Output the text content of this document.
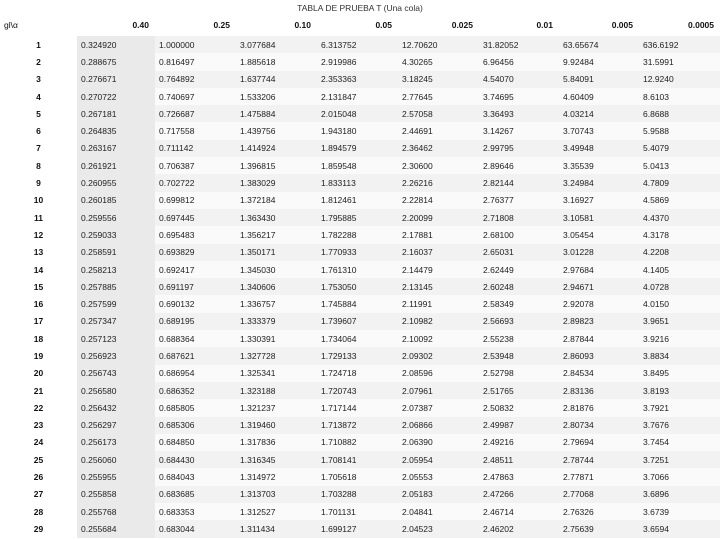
TABLA DE PRUEBA T (Una cola)
gl\α	0.40	0.25	0.10	0.05	0.025	0.01	0.005	0.0005
1	0.324920	1.000000	3.077684	6.313752	12.70620	31.82052	63.65674	636.6192
2	0.288675	0.816497	1.885618	2.919986	4.30265	6.96456	9.92484	31.5991
3	0.276671	0.764892	1.637744	2.353363	3.18245	4.54070	5.84091	12.9240
4	0.270722	0.740697	1.533206	2.131847	2.77645	3.74695	4.60409	8.6103
5	0.267181	0.726687	1.475884	2.015048	2.57058	3.36493	4.03214	6.8688
6	0.264835	0.717558	1.439756	1.943180	2.44691	3.14267	3.70743	5.9588
7	0.263167	0.711142	1.414924	1.894579	2.36462	2.99795	3.49948	5.4079
8	0.261921	0.706387	1.396815	1.859548	2.30600	2.89646	3.35539	5.0413
9	0.260955	0.702722	1.383029	1.833113	2.26216	2.82144	3.24984	4.7809
10	0.260185	0.699812	1.372184	1.812461	2.22814	2.76377	3.16927	4.5869
11	0.259556	0.697445	1.363430	1.795885	2.20099	2.71808	3.10581	4.4370
12	0.259033	0.695483	1.356217	1.782288	2.17881	2.68100	3.05454	4.3178
13	0.258591	0.693829	1.350171	1.770933	2.16037	2.65031	3.01228	4.2208
14	0.258213	0.692417	1.345030	1.761310	2.14479	2.62449	2.97684	4.1405
15	0.257885	0.691197	1.340606	1.753050	2.13145	2.60248	2.94671	4.0728
16	0.257599	0.690132	1.336757	1.745884	2.11991	2.58349	2.92078	4.0150
17	0.257347	0.689195	1.333379	1.739607	2.10982	2.56693	2.89823	3.9651
18	0.257123	0.688364	1.330391	1.734064	2.10092	2.55238	2.87844	3.9216
19	0.256923	0.687621	1.327728	1.729133	2.09302	2.53948	2.86093	3.8834
20	0.256743	0.686954	1.325341	1.724718	2.08596	2.52798	2.84534	3.8495
21	0.256580	0.686352	1.323188	1.720743	2.07961	2.51765	2.83136	3.8193
22	0.256432	0.685805	1.321237	1.717144	2.07387	2.50832	2.81876	3.7921
23	0.256297	0.685306	1.319460	1.713872	2.06866	2.49987	2.80734	3.7676
24	0.256173	0.684850	1.317836	1.710882	2.06390	2.49216	2.79694	3.7454
25	0.256060	0.684430	1.316345	1.708141	2.05954	2.48511	2.78744	3.7251
26	0.255955	0.684043	1.314972	1.705618	2.05553	2.47863	2.77871	3.7066
27	0.255858	0.683685	1.313703	1.703288	2.05183	2.47266	2.77068	3.6896
28	0.255768	0.683353	1.312527	1.701131	2.04841	2.46714	2.76326	3.6739
29	0.255684	0.683044	1.311434	1.699127	2.04523	2.46202	2.75639	3.6594
